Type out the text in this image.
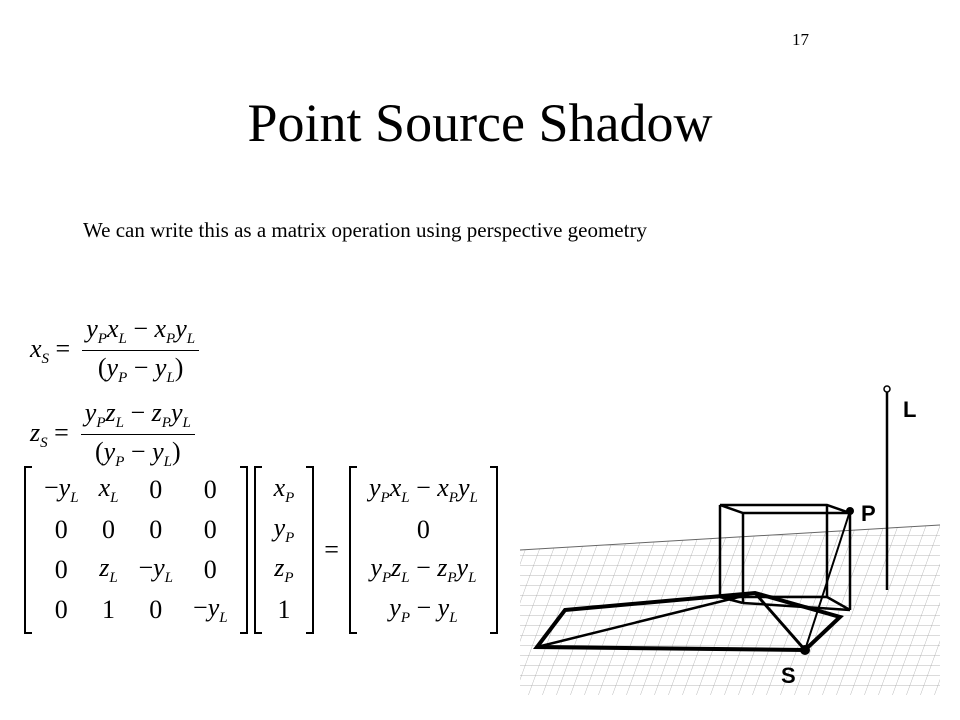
17
Point Source Shadow
We can write this as a matrix operation using perspective geometry
$x_S = \frac{y_Px_L - x_Py_L}{(y_P - y_L)}$
$z_S = \frac{y_Pz_L - z_Py_L}{(y_P - y_L)}$
$-y_L$	$x_L$	0	0
0	0	0	0
0	$z_L$	$-y_L$	0
0	1	0	$-y_L$
$x_P$
$y_P$
$z_P$
1
=
$y_Px_L - x_Py_L$
0
$y_Pz_L - z_Py_L$
$y_P - y_L$
L
P
S
